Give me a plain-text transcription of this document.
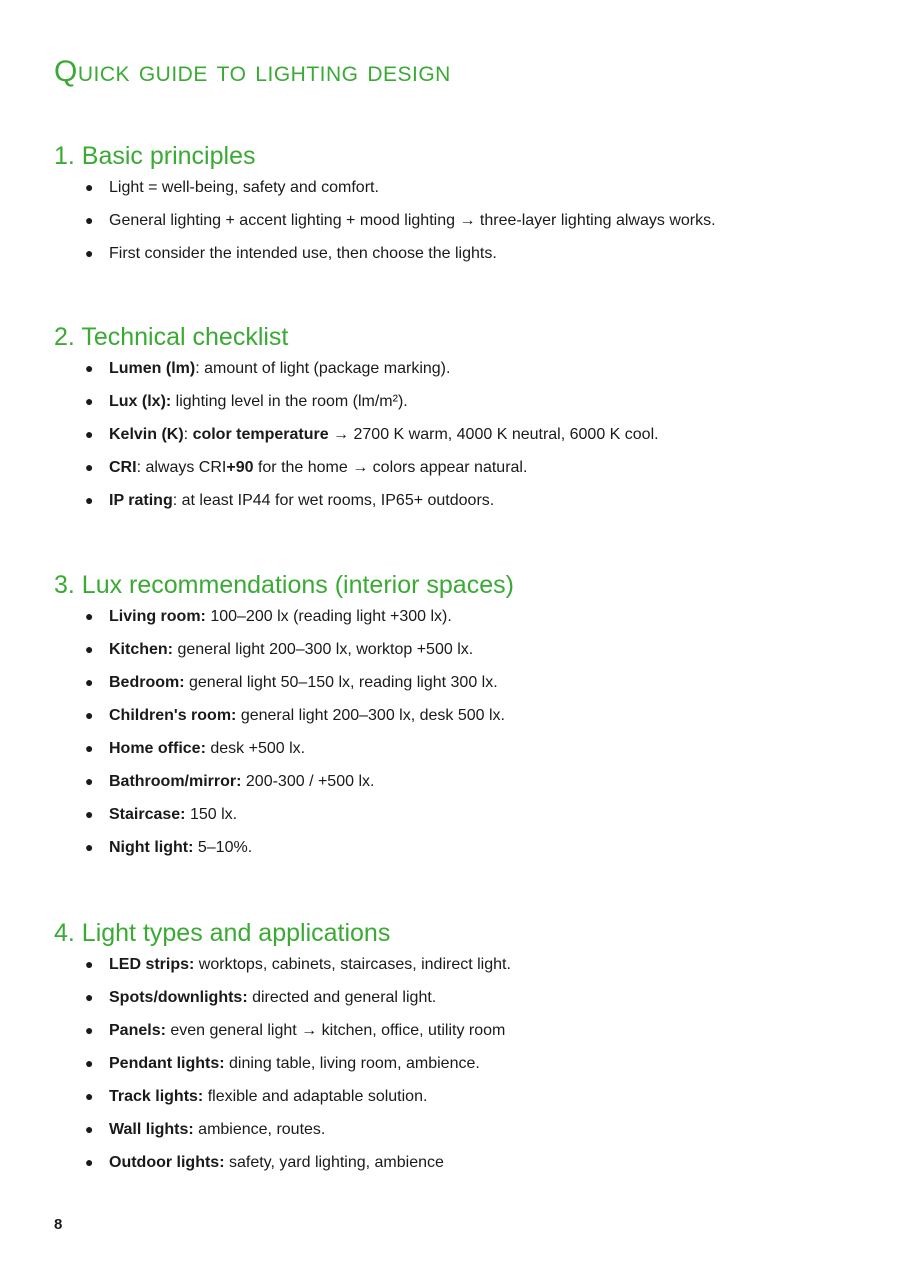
Quick guide to lighting design
1. Basic principles
● Light = well-being, safety and comfort.
● General lighting + accent lighting + mood lighting → three-layer lighting always works.
● First consider the intended use, then choose the lights.
2. Technical checklist
● Lumen (lm): amount of light (package marking).
● Lux (lx): lighting level in the room (lm/m²).
● Kelvin (K): color temperature → 2700 K warm, 4000 K neutral, 6000 K cool.
● CRI: always CRI+90 for the home → colors appear natural.
● IP rating: at least IP44 for wet rooms, IP65+ outdoors.
3. Lux recommendations (interior spaces)
● Living room: 100–200 lx (reading light +300 lx).
● Kitchen: general light 200–300 lx, worktop +500 lx.
● Bedroom: general light 50–150 lx, reading light 300 lx.
● Children's room: general light 200–300 lx, desk 500 lx.
● Home office: desk +500 lx.
● Bathroom/mirror: 200-300 / +500 lx.
● Staircase: 150 lx.
● Night light: 5–10%.
4. Light types and applications
● LED strips: worktops, cabinets, staircases, indirect light.
● Spots/downlights: directed and general light.
● Panels: even general light → kitchen, office, utility room
● Pendant lights: dining table, living room, ambience.
● Track lights: flexible and adaptable solution.
● Wall lights: ambience, routes.
● Outdoor lights: safety, yard lighting, ambience

8
